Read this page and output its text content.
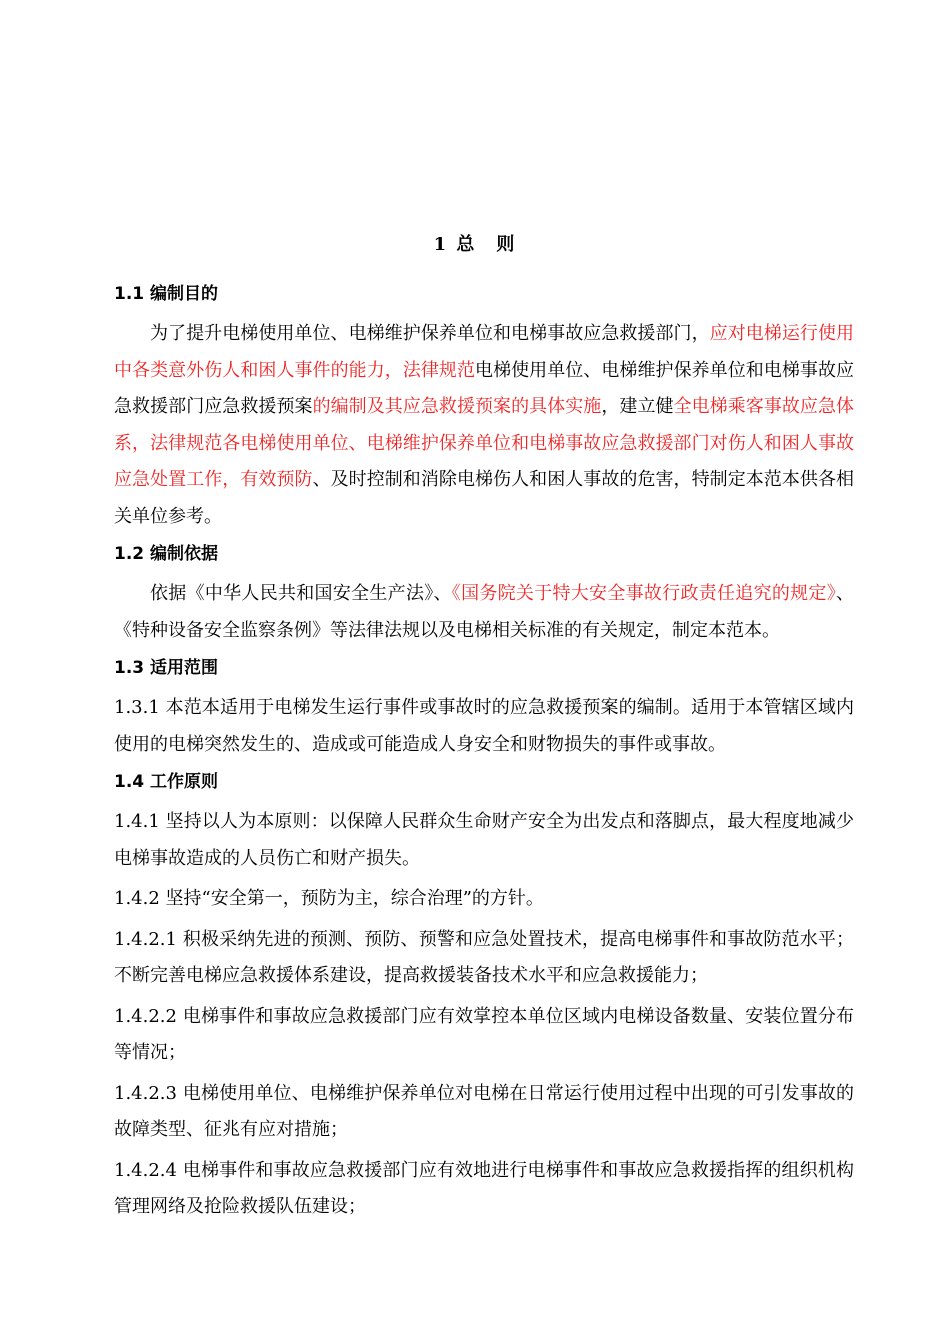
1 总　则
1.1 编制目的
为了提升电梯使用单位、电梯维护保养单位和电梯事故应急救援部门，应对电梯运行使用中各类意外伤人和困人事件的能力，法律规范电梯使用单位、电梯维护保养单位和电梯事故应急救援部门应急救援预案的编制及其应急救援预案的具体实施，建立健全电梯乘客事故应急体系，法律规范各电梯使用单位、电梯维护保养单位和电梯事故应急救援部门对伤人和困人事故应急处置工作，有效预防、及时控制和消除电梯伤人和困人事故的危害，特制定本范本供各相关单位参考。
1.2 编制依据
依据《中华人民共和国安全生产法》、《国务院关于特大安全事故行政责任追究的规定》、《特种设备安全监察条例》等法律法规以及电梯相关标准的有关规定，制定本范本。
1.3 适用范围
1.3.1 本范本适用于电梯发生运行事件或事故时的应急救援预案的编制。适用于本管辖区域内使用的电梯突然发生的、造成或可能造成人身安全和财物损失的事件或事故。
1.4 工作原则
1.4.1 坚持以人为本原则：以保障人民群众生命财产安全为出发点和落脚点，最大程度地减少电梯事故造成的人员伤亡和财产损失。
1.4.2 坚持“安全第一，预防为主，综合治理”的方针。
1.4.2.1 积极采纳先进的预测、预防、预警和应急处置技术，提高电梯事件和事故防范水平；不断完善电梯应急救援体系建设，提高救援装备技术水平和应急救援能力；
1.4.2.2 电梯事件和事故应急救援部门应有效掌控本单位区域内电梯设备数量、安装位置分布等情况；
1.4.2.3 电梯使用单位、电梯维护保养单位对电梯在日常运行使用过程中出现的可引发事故的故障类型、征兆有应对措施；
1.4.2.4 电梯事件和事故应急救援部门应有效地进行电梯事件和事故应急救援指挥的组织机构管理网络及抢险救援队伍建设；
